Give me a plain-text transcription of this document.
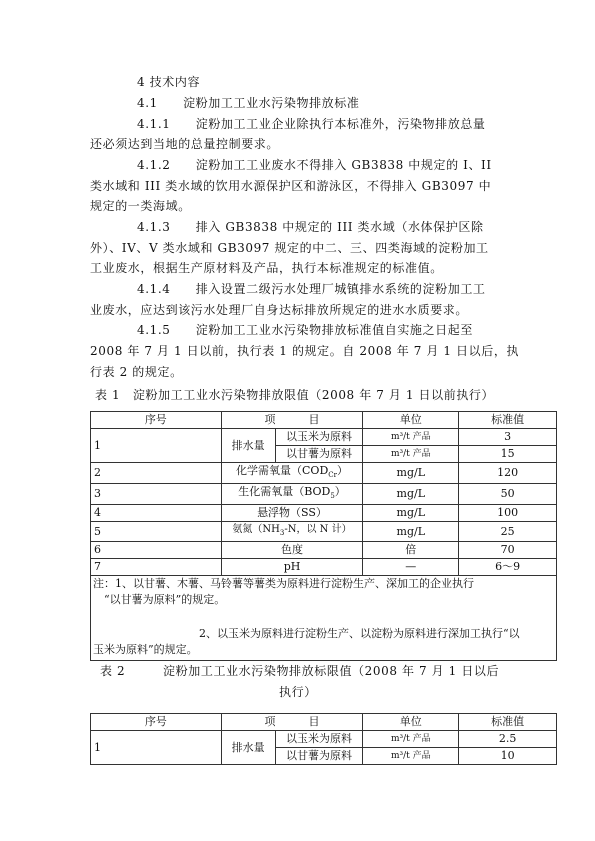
4 技术内容
4.1　　淀粉加工工业水污染物排放标准
4.1.1　　淀粉加工工业企业除执行本标准外，污染物排放总量
还必须达到当地的总量控制要求。
4.1.2　　淀粉加工工业废水不得排入 GB3838 中规定的 I、II
类水域和 III 类水域的饮用水源保护区和游泳区，不得排入 GB3097 中
规定的一类海域。
4.1.3　　排入 GB3838 中规定的 III 类水域（水体保护区除
外）、IV、V 类水域和 GB3097 规定的中二、三、四类海域的淀粉加工
工业废水，根据生产原材料及产品，执行本标准规定的标准值。
4.1.4　　排入设置二级污水处理厂城镇排水系统的淀粉加工工
业废水，应达到该污水处理厂自身达标排放所规定的进水水质要求。
4.1.5　　淀粉加工工业水污染物排放标准值自实施之日起至
2008 年 7 月 1 日以前，执行表 1 的规定。自 2008 年 7 月 1 日以后，执
行表 2 的规定。
表 1　淀粉加工工业水污染物排放限值（2008 年 7 月 1 日以前执行）
序号	项　　　目		单位	标准值
1	排水量	以玉米为原料	m³/t 产品	3
		以甘薯为原料	m³/t 产品	15
2	化学需氧量$(COD_{Cr})$		mg/L	120
3	生化需氧量$(BOD_5)$		mg/L	50
4	悬浮物（SS）		mg/L	100
5	氨氮（$NH_3-N$，以 N 计）		mg/L	25
6	色度		倍	70
7	pH		—	6～9

注：1、以甘薯、木薯、马铃薯等薯类为原料进行淀粉生产、深加工的企业执行
　“以甘薯为原料”的规定。
2、以玉米为原料进行淀粉生产、以淀粉为原料进行深加工执行“以
玉米为原料”的规定。				
表 2　　　淀粉加工工业水污染物排放标限值（2008 年 7 月 1 日以后
执行）
序号	项　　　目		单位	标准值
1	排水量	以玉米为原料	m³/t 产品	2.5
		以甘薯为原料	m³/t 产品	10
